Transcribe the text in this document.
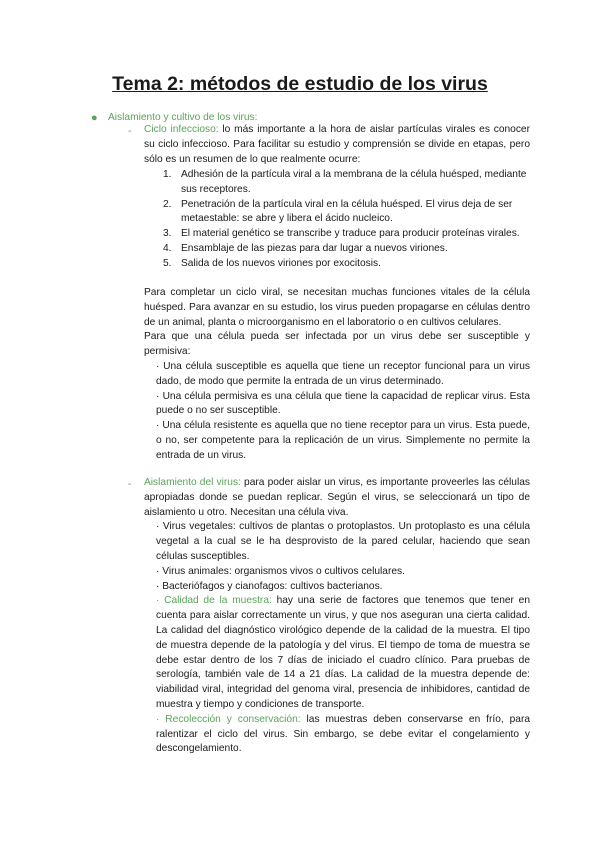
Tema 2: métodos de estudio de los virus
● Aislamiento y cultivo de los virus:
- Ciclo infeccioso: lo más importante a la hora de aislar partículas virales es conocer su ciclo infeccioso. Para facilitar su estudio y comprensión se divide en etapas, pero sólo es un resumen de lo que realmente ocurre:

1. Adhesión de la partícula viral a la membrana de la célula huésped, mediante sus receptores.
2. Penetración de la partícula viral en la célula huésped. El virus deja de ser metaestable: se abre y libera el ácido nucleico.
3. El material genético se transcribe y traduce para producir proteínas virales.
4. Ensamblaje de las piezas para dar lugar a nuevos viriones.
5. Salida de los nuevos viriones por exocitosis.

Para completar un ciclo viral, se necesitan muchas funciones vitales de la célula huésped. Para avanzar en su estudio, los virus pueden propagarse en células dentro de un animal, planta o microorganismo en el laboratorio o en cultivos celulares.

Para que una célula pueda ser infectada por un virus debe ser susceptible y permisiva:

· Una célula susceptible es aquella que tiene un receptor funcional para un virus dado, de modo que permite la entrada de un virus determinado.

· Una célula permisiva es una célula que tiene la capacidad de replicar virus. Esta puede o no ser susceptible.

· Una célula resistente es aquella que no tiene receptor para un virus. Esta puede, o no, ser competente para la replicación de un virus. Simplemente no permite la entrada de un virus.

- Aislamiento del virus: para poder aislar un virus, es importante proveerles las células apropiadas donde se puedan replicar. Según el virus, se seleccionará un tipo de aislamiento u otro. Necesitan una célula viva.

· Virus vegetales: cultivos de plantas o protoplastos. Un protoplasto es una célula vegetal a la cual se le ha desprovisto de la pared celular, haciendo que sean células susceptibles.

· Virus animales: organismos vivos o cultivos celulares.

· Bacteriófagos y cianofagos: cultivos bacterianos.

· Calidad de la muestra: hay una serie de factores que tenemos que tener en cuenta para aislar correctamente un virus, y que nos aseguran una cierta calidad. La calidad del diagnóstico virológico depende de la calidad de la muestra. El tipo de muestra depende de la patología y del virus. El tiempo de toma de muestra se debe estar dentro de los 7 días de iniciado el cuadro clínico. Para pruebas de serología, también vale de 14 a 21 días. La calidad de la muestra depende de: viabilidad viral, integridad del genoma viral, presencia de inhibidores, cantidad de muestra y tiempo y condiciones de transporte.

· Recolección y conservación: las muestras deben conservarse en frío, para ralentizar el ciclo del virus. Sin embargo, se debe evitar el congelamiento y descongelamiento.
